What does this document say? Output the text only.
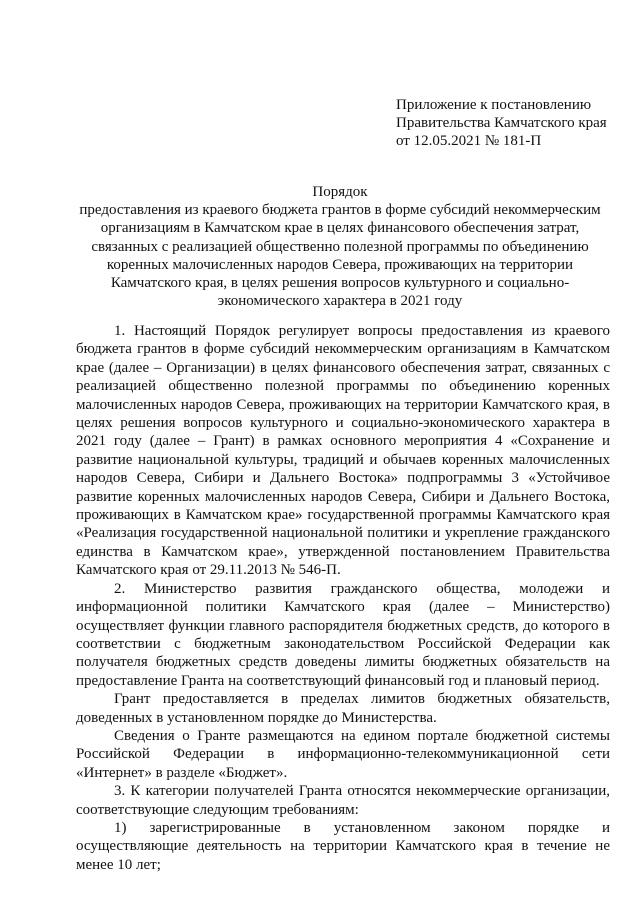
Приложение к постановлению
Правительства Камчатского края
от 12.05.2021 № 181-П
Порядок
предоставления из краевого бюджета грантов в форме субсидий некоммерческим
организациям в Камчатском крае в целях финансового обеспечения затрат,
связанных с реализацией общественно полезной программы по объединению
коренных малочисленных народов Севера, проживающих на территории
Камчатского края, в целях решения вопросов культурного и социально-
экономического характера в 2021 году

1. Настоящий Порядок регулирует вопросы предоставления из краевого бюджета грантов в форме субсидий некоммерческим организациям в Камчатском крае (далее – Организации) в целях финансового обеспечения затрат, связанных с реализацией общественно полезной программы по объединению коренных малочисленных народов Севера, проживающих на территории Камчатского края, в целях решения вопросов культурного и социально-экономического характера в 2021 году (далее – Грант) в рамках основного мероприятия 4 «Сохранение и развитие национальной культуры, традиций и обычаев коренных малочисленных народов Севера, Сибири и Дальнего Востока» подпрограммы 3 «Устойчивое развитие коренных малочисленных народов Севера, Сибири и Дальнего Востока, проживающих в Камчатском крае» государственной программы Камчатского края «Реализация государственной национальной политики и укрепление гражданского единства в Камчатском крае», утвержденной постановлением Правительства Камчатского края от 29.11.2013 № 546-П.

2. Министерство развития гражданского общества, молодежи и информационной политики Камчатского края (далее – Министерство) осуществляет функции главного распорядителя бюджетных средств, до которого в соответствии с бюджетным законодательством Российской Федерации как получателя бюджетных средств доведены лимиты бюджетных обязательств на предоставление Гранта на соответствующий финансовый год и плановый период.

Грант предоставляется в пределах лимитов бюджетных обязательств, доведенных в установленном порядке до Министерства.

Сведения о Гранте размещаются на едином портале бюджетной системы Российской Федерации в информационно-телекоммуникационной сети «Интернет» в разделе «Бюджет».

3. К категории получателей Гранта относятся некоммерческие организации, соответствующие следующим требованиям:

1) зарегистрированные в установленном законом порядке и осуществляющие деятельность на территории Камчатского края в течение не менее 10 лет;
